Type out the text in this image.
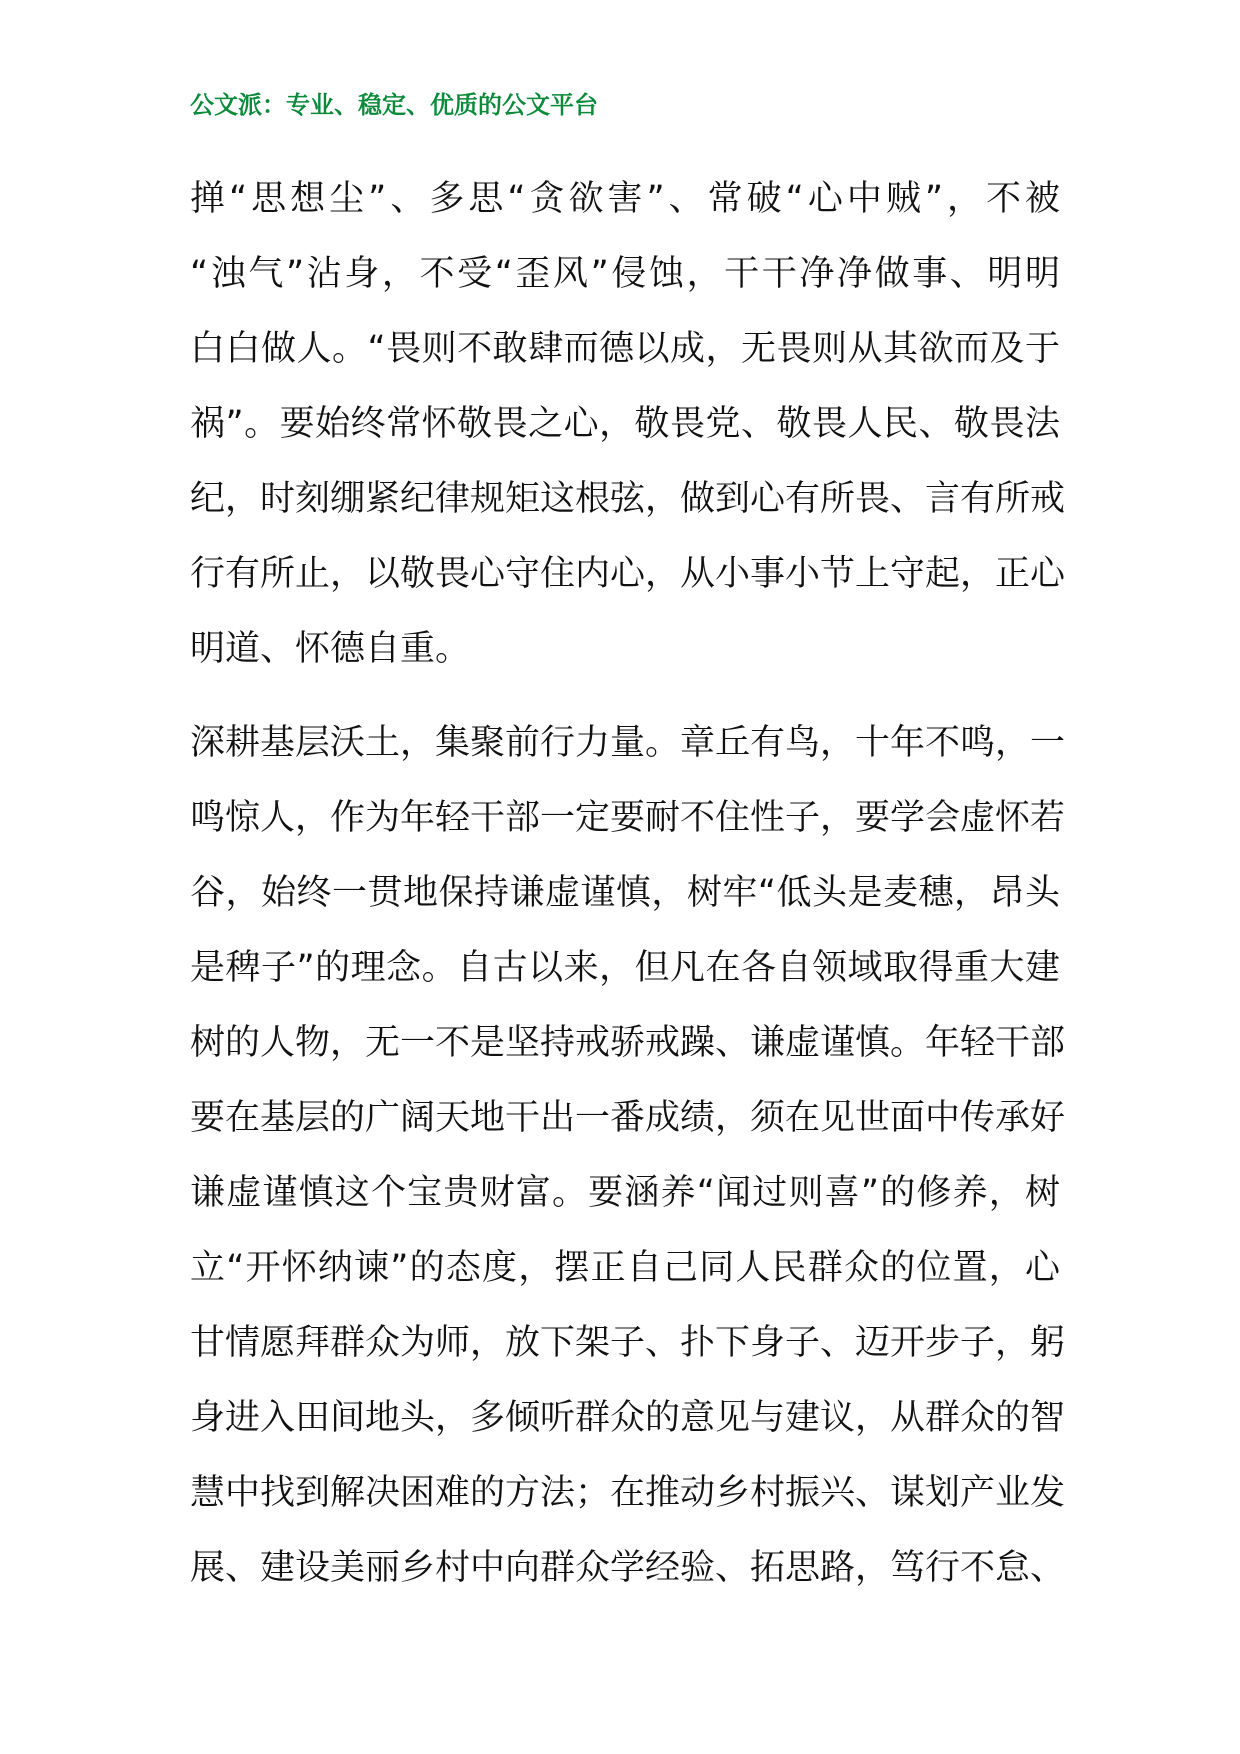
公文派：专业、稳定、优质的公文平台
掸“思想尘”、多思“贪欲害”、常破“心中贼”，不被
“浊气”沾身，不受“歪风”侵蚀，干干净净做事、明明
白白做人。“畏则不敢肆而德以成，无畏则从其欲而及于
祸”。要始终常怀敬畏之心，敬畏党、敬畏人民、敬畏法
纪，时刻绷紧纪律规矩这根弦，做到心有所畏、言有所戒
行有所止，以敬畏心守住内心，从小事小节上守起，正心
明道、怀德自重。
深耕基层沃土，集聚前行力量。章丘有鸟，十年不鸣，一
鸣惊人，作为年轻干部一定要耐不住性子，要学会虚怀若
谷，始终一贯地保持谦虚谨慎，树牢“低头是麦穗，昂头
是稗子”的理念。自古以来，但凡在各自领域取得重大建
树的人物，无一不是坚持戒骄戒躁、谦虚谨慎。年轻干部
要在基层的广阔天地干出一番成绩，须在见世面中传承好
谦虚谨慎这个宝贵财富。要涵养“闻过则喜”的修养，树
立“开怀纳谏”的态度，摆正自己同人民群众的位置，心
甘情愿拜群众为师，放下架子、扑下身子、迈开步子，躬
身进入田间地头，多倾听群众的意见与建议，从群众的智
慧中找到解决困难的方法；在推动乡村振兴、谋划产业发
展、建设美丽乡村中向群众学经验、拓思路，笃行不怠、
